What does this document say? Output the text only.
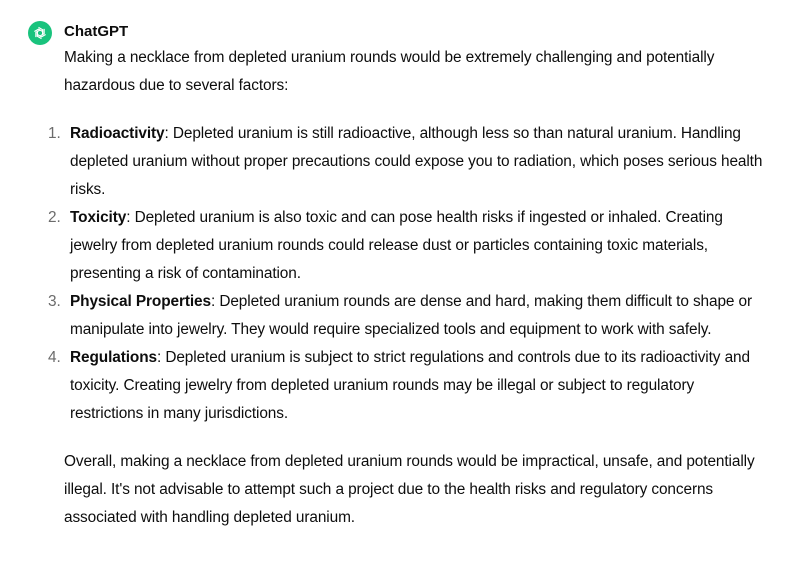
ChatGPT

Making a necklace from depleted uranium rounds would be extremely challenging and potentially hazardous due to several factors:

1. Radioactivity: Depleted uranium is still radioactive, although less so than natural uranium. Handling depleted uranium without proper precautions could expose you to radiation, which poses serious health risks.
2. Toxicity: Depleted uranium is also toxic and can pose health risks if ingested or inhaled. Creating jewelry from depleted uranium rounds could release dust or particles containing toxic materials, presenting a risk of contamination.
3. Physical Properties: Depleted uranium rounds are dense and hard, making them difficult to shape or manipulate into jewelry. They would require specialized tools and equipment to work with safely.
4. Regulations: Depleted uranium is subject to strict regulations and controls due to its radioactivity and toxicity. Creating jewelry from depleted uranium rounds may be illegal or subject to regulatory restrictions in many jurisdictions.

Overall, making a necklace from depleted uranium rounds would be impractical, unsafe, and potentially illegal. It's not advisable to attempt such a project due to the health risks and regulatory concerns associated with handling depleted uranium.
